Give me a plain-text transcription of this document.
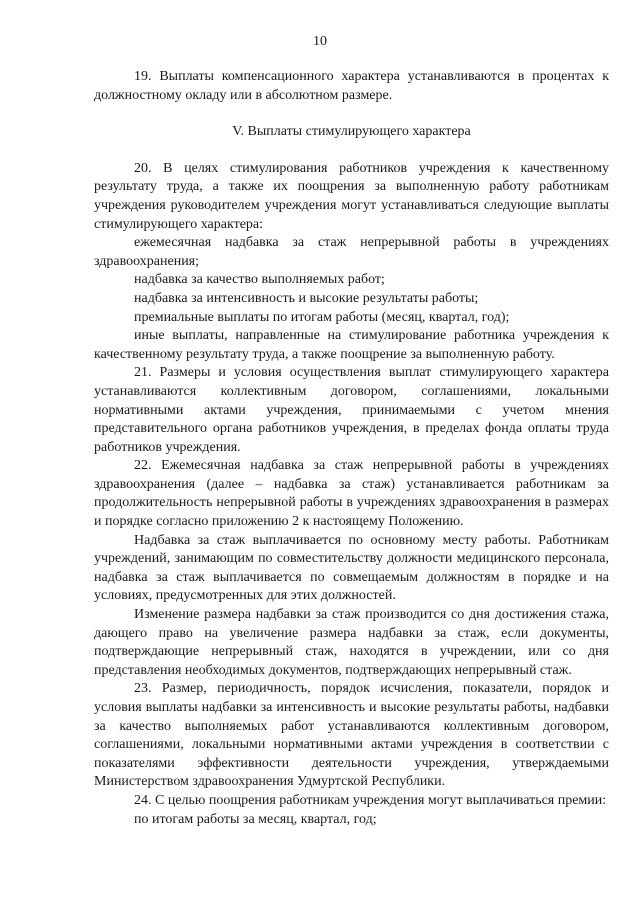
10

19. Выплаты компенсационного характера устанавливаются в процентах к должностному окладу или в абсолютном размере.

V. Выплаты стимулирующего характера

20. В целях стимулирования работников учреждения к качественному результату труда, а также их поощрения за выполненную работу работникам учреждения руководителем учреждения могут устанавливаться следующие выплаты стимулирующего характера:

ежемесячная надбавка за стаж непрерывной работы в учреждениях здравоохранения;

надбавка за качество выполняемых работ;

надбавка за интенсивность и высокие результаты работы;

премиальные выплаты по итогам работы (месяц, квартал, год);

иные выплаты, направленные на стимулирование работника учреждения к качественному результату труда, а также поощрение за выполненную работу.

21. Размеры и условия осуществления выплат стимулирующего характера устанавливаются коллективным договором, соглашениями, локальными нормативными актами учреждения, принимаемыми с учетом мнения представительного органа работников учреждения, в пределах фонда оплаты труда работников учреждения.

22. Ежемесячная надбавка за стаж непрерывной работы в учреждениях здравоохранения (далее – надбавка за стаж) устанавливается работникам за продолжительность непрерывной работы в учреждениях здравоохранения в размерах и порядке согласно приложению 2 к настоящему Положению.

Надбавка за стаж выплачивается по основному месту работы. Работникам учреждений, занимающим по совместительству должности медицинского персонала, надбавка за стаж выплачивается по совмещаемым должностям в порядке и на условиях, предусмотренных для этих должностей.

Изменение размера надбавки за стаж производится со дня достижения стажа, дающего право на увеличение размера надбавки за стаж, если документы, подтверждающие непрерывный стаж, находятся в учреждении, или со дня представления необходимых документов, подтверждающих непрерывный стаж.

23. Размер, периодичность, порядок исчисления, показатели, порядок и условия выплаты надбавки за интенсивность и высокие результаты работы, надбавки за качество выполняемых работ устанавливаются коллективным договором, соглашениями, локальными нормативными актами учреждения в соответствии с показателями эффективности деятельности учреждения, утверждаемыми Министерством здравоохранения Удмуртской Республики.

24. С целью поощрения работникам учреждения могут выплачиваться премии:

по итогам работы за месяц, квартал, год;
